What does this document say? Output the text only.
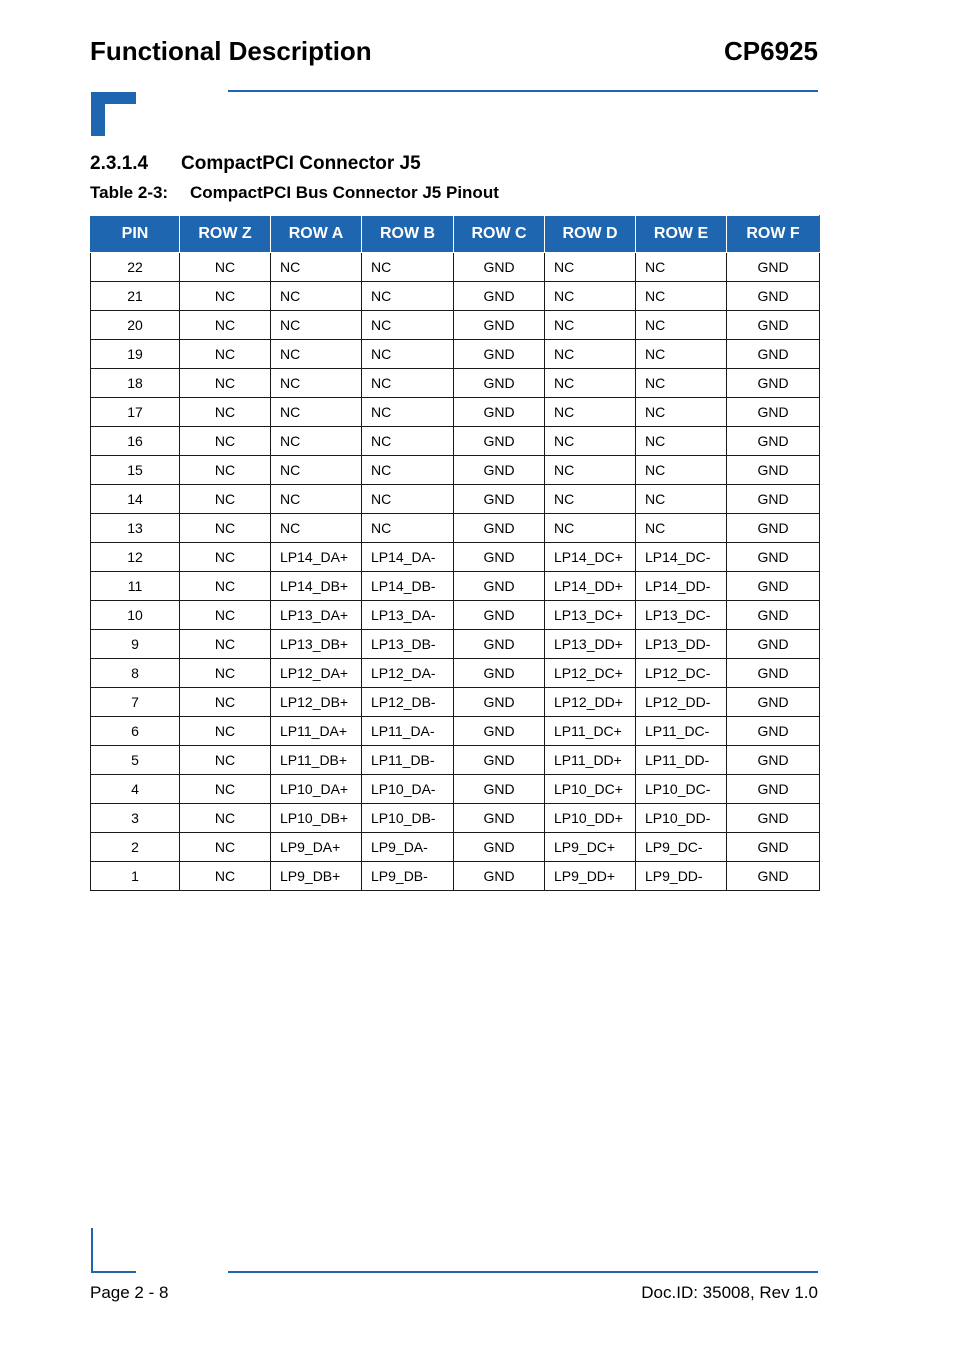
Functional Description	CP6925
2.3.1.4 CompactPCI Connector J5
Table 2-3: CompactPCI Bus Connector J5 Pinout
PIN	ROW Z	ROW A	ROW B	ROW C	ROW D	ROW E	ROW F
22	NC	NC	NC	GND	NC	NC	GND
21	NC	NC	NC	GND	NC	NC	GND
20	NC	NC	NC	GND	NC	NC	GND
19	NC	NC	NC	GND	NC	NC	GND
18	NC	NC	NC	GND	NC	NC	GND
17	NC	NC	NC	GND	NC	NC	GND
16	NC	NC	NC	GND	NC	NC	GND
15	NC	NC	NC	GND	NC	NC	GND
14	NC	NC	NC	GND	NC	NC	GND
13	NC	NC	NC	GND	NC	NC	GND
12	NC	LP14_DA+	LP14_DA-	GND	LP14_DC+	LP14_DC-	GND
11	NC	LP14_DB+	LP14_DB-	GND	LP14_DD+	LP14_DD-	GND
10	NC	LP13_DA+	LP13_DA-	GND	LP13_DC+	LP13_DC-	GND
9	NC	LP13_DB+	LP13_DB-	GND	LP13_DD+	LP13_DD-	GND
8	NC	LP12_DA+	LP12_DA-	GND	LP12_DC+	LP12_DC-	GND
7	NC	LP12_DB+	LP12_DB-	GND	LP12_DD+	LP12_DD-	GND
6	NC	LP11_DA+	LP11_DA-	GND	LP11_DC+	LP11_DC-	GND
5	NC	LP11_DB+	LP11_DB-	GND	LP11_DD+	LP11_DD-	GND
4	NC	LP10_DA+	LP10_DA-	GND	LP10_DC+	LP10_DC-	GND
3	NC	LP10_DB+	LP10_DB-	GND	LP10_DD+	LP10_DD-	GND
2	NC	LP9_DA+	LP9_DA-	GND	LP9_DC+	LP9_DC-	GND
1	NC	LP9_DB+	LP9_DB-	GND	LP9_DD+	LP9_DD-	GND
Page 2 - 8	Doc.ID: 35008, Rev 1.0
